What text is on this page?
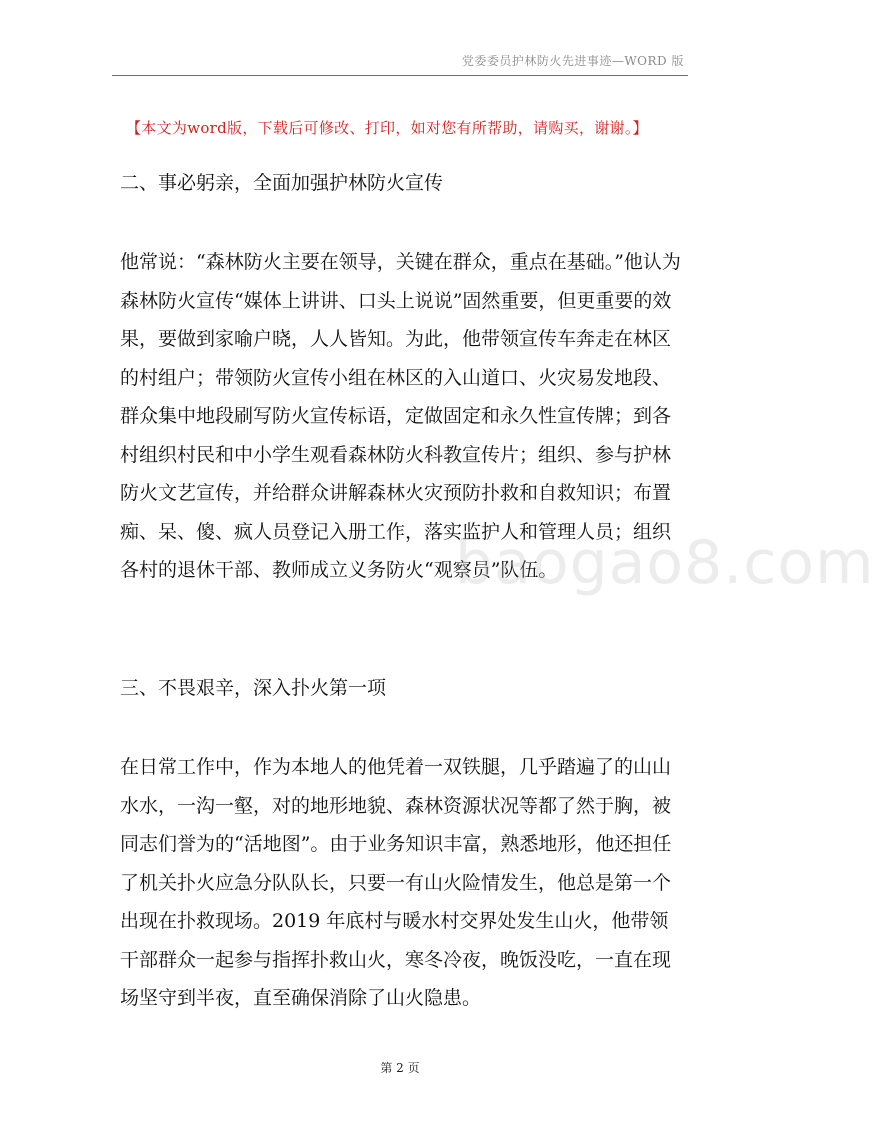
党委委员护林防火先进事迹—WORD 版
【本文为word版，下载后可修改、打印，如对您有所帮助，请购买，谢谢。】
二、事必躬亲，全面加强护林防火宣传

他常说：“森林防火主要在领导，关键在群众，重点在基础。”他认为森林防火宣传“媒体上讲讲、口头上说说”固然重要，但更重要的效果，要做到家喻户晓，人人皆知。为此，他带领宣传车奔走在林区的村组户；带领防火宣传小组在林区的入山道口、火灾易发地段、群众集中地段刷写防火宣传标语，定做固定和永久性宣传牌；到各村组织村民和中小学生观看森林防火科教宣传片；组织、参与护林防火文艺宣传，并给群众讲解森林火灾预防扑救和自救知识；布置痴、呆、傻、疯人员登记入册工作，落实监护人和管理人员；组织各村的退休干部、教师成立义务防火“观察员”队伍。

三、不畏艰辛，深入扑火第一项

在日常工作中，作为本地人的他凭着一双铁腿，几乎踏遍了的山山水水，一沟一壑，对的地形地貌、森林资源状况等都了然于胸，被同志们誉为的“活地图”。由于业务知识丰富，熟悉地形，他还担任了机关扑火应急分队队长，只要一有山火险情发生，他总是第一个出现在扑救现场。2019 年底村与暖水村交界处发生山火，他带领干部群众一起参与指挥扑救山火，寒冬冷夜，晚饭没吃，一直在现场坚守到半夜，直至确保消除了山火隐患。

baogao8.com
第 2 页
